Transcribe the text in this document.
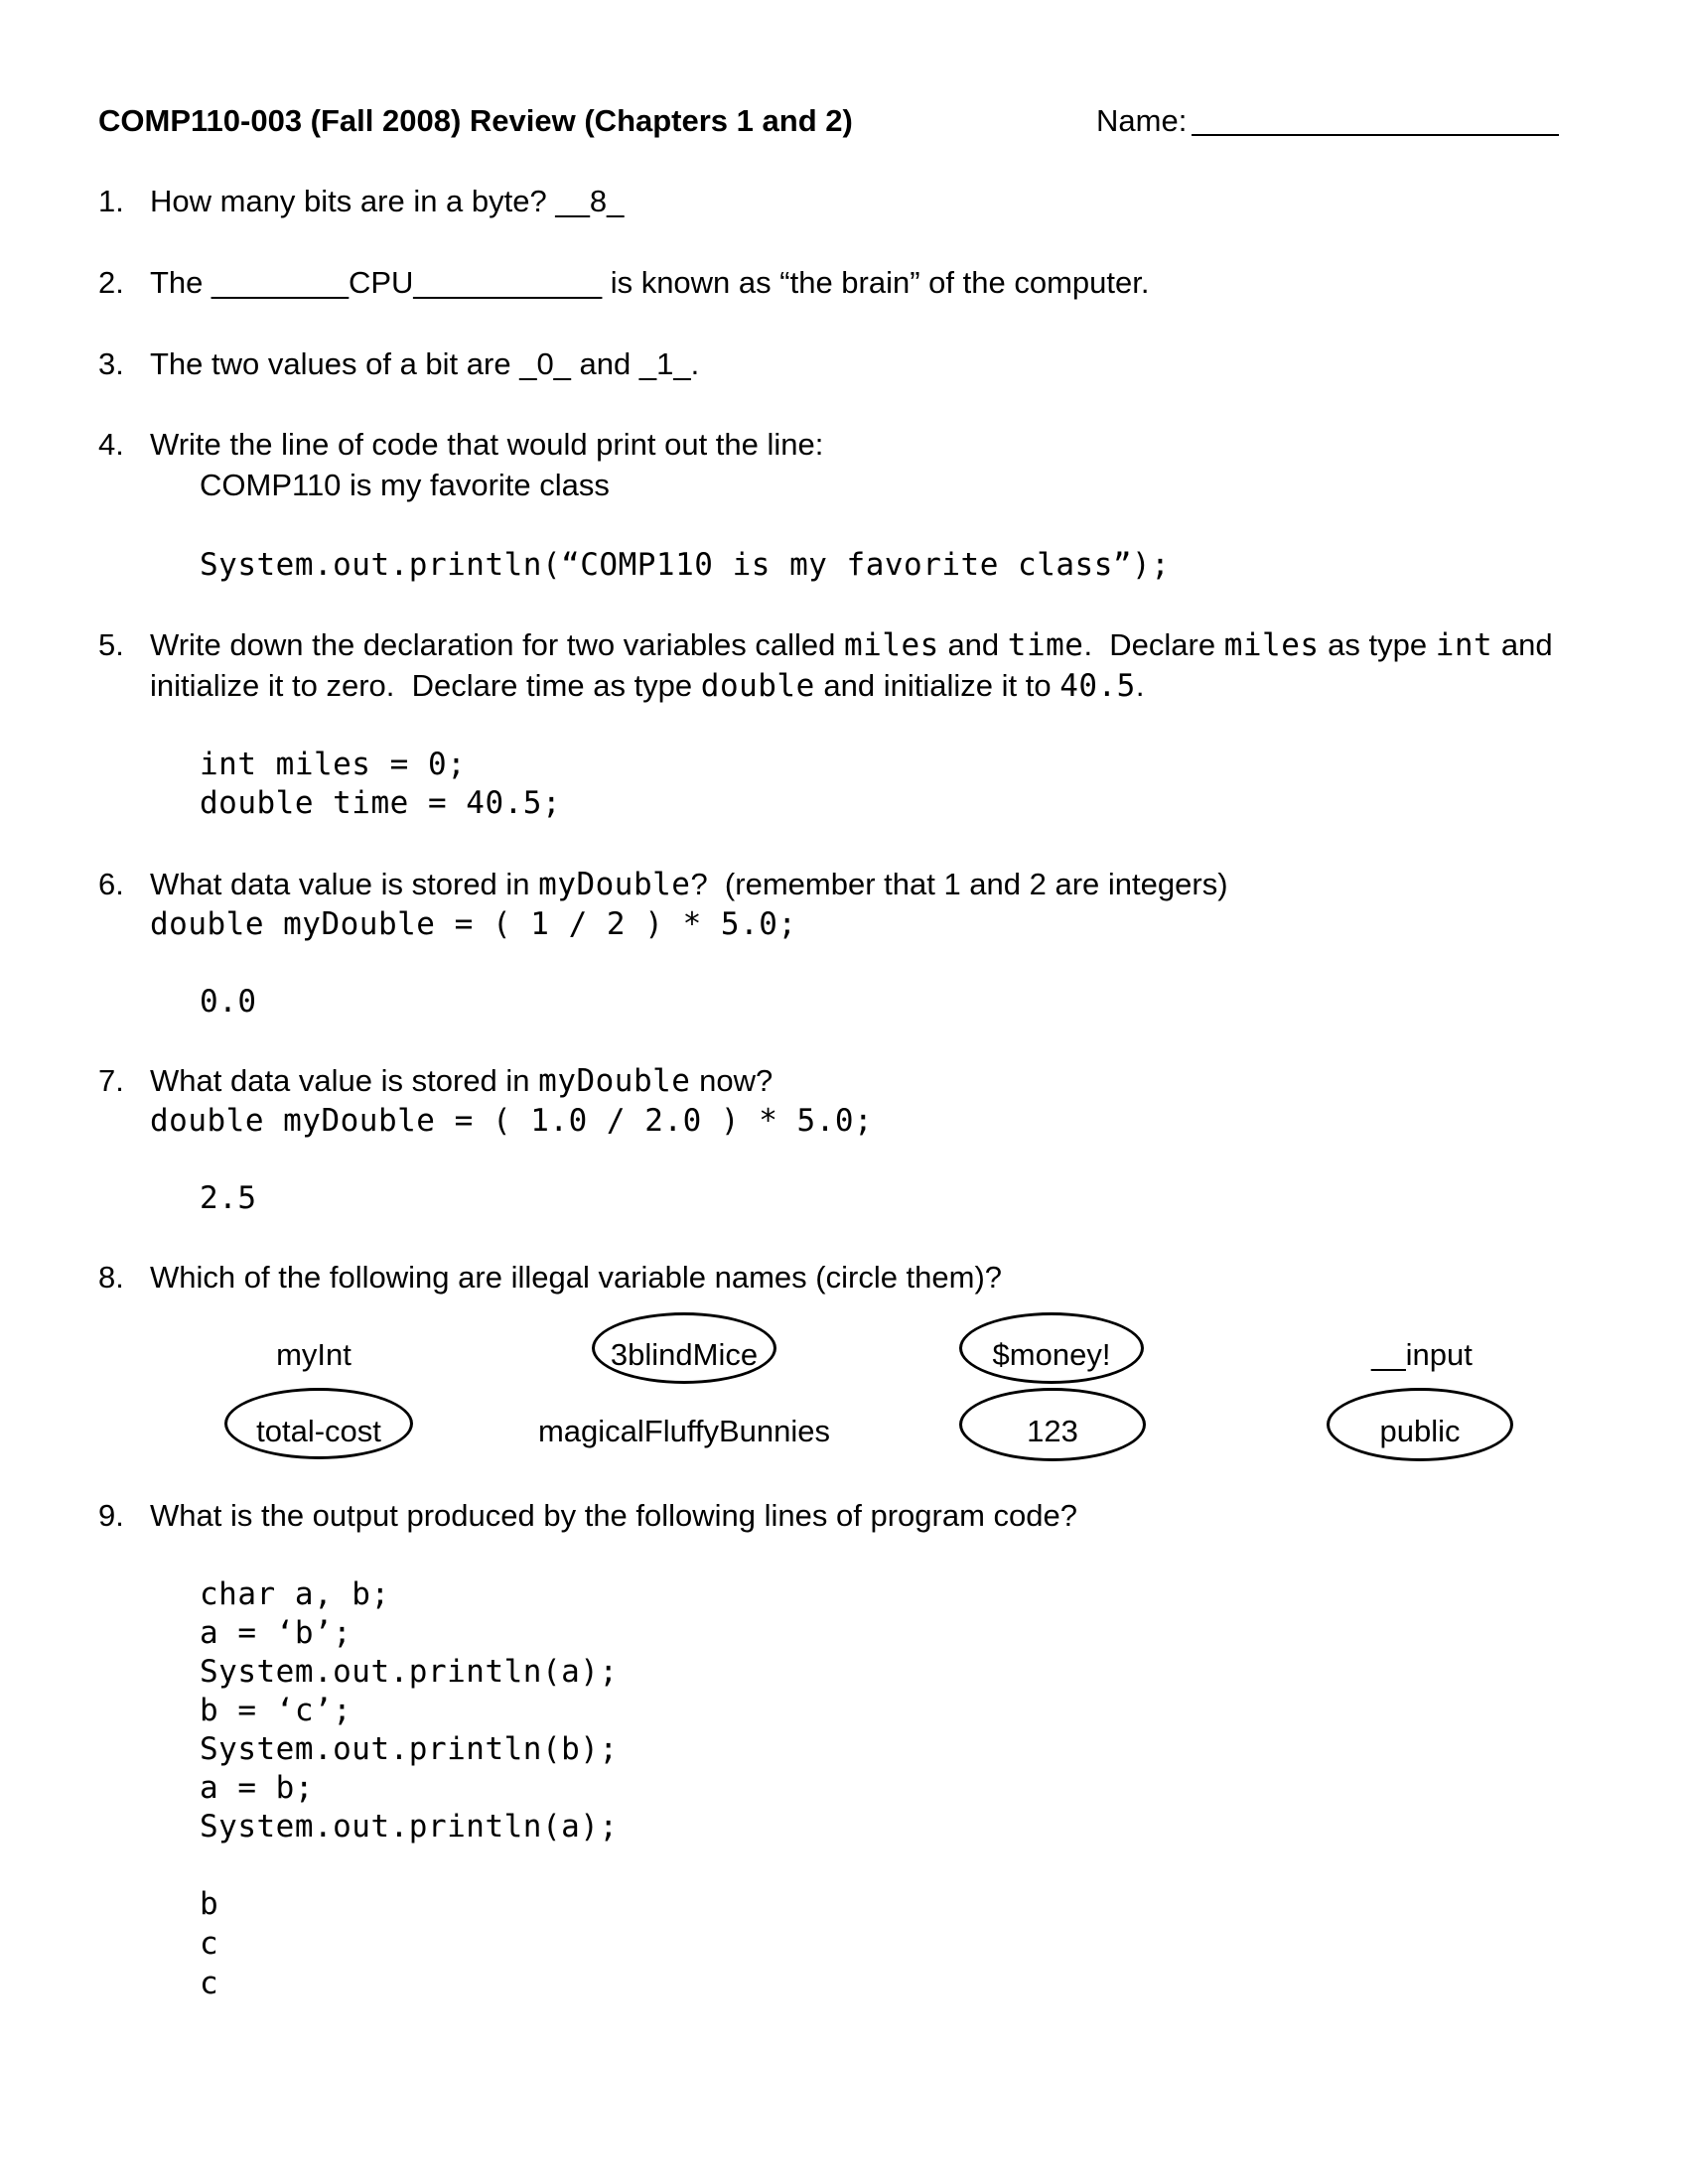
COMP110-003 (Fall 2008) Review (Chapters 1 and 2)	Name:
1. How many bits are in a byte? __8_
2. The ________CPU___________ is known as “the brain” of the computer.
3. The two values of a bit are _0_ and _1_.
4. Write the line of code that would print out the line:
COMP110 is my favorite class
System.out.println(“COMP110 is my favorite class”);
5. Write down the declaration for two variables called miles and time.  Declare miles as type int and
initialize it to zero.  Declare time as type double and initialize it to 40.5.
int miles = 0;
double time = 40.5;
6. What data value is stored in myDouble?  (remember that 1 and 2 are integers)
double myDouble = ( 1 / 2 ) * 5.0;
0.0
7. What data value is stored in myDouble now?
double myDouble = ( 1.0 / 2.0 ) * 5.0;
2.5
8. Which of the following are illegal variable names (circle them)?
myInt	3blindMice	$money!	__input
total-cost	magicalFluffyBunnies	123	public
9. What is the output produced by the following lines of program code?
char a, b;
a = ‘b’;
System.out.println(a);
b = ‘c’;
System.out.println(b);
a = b;
System.out.println(a);
b
c
c
